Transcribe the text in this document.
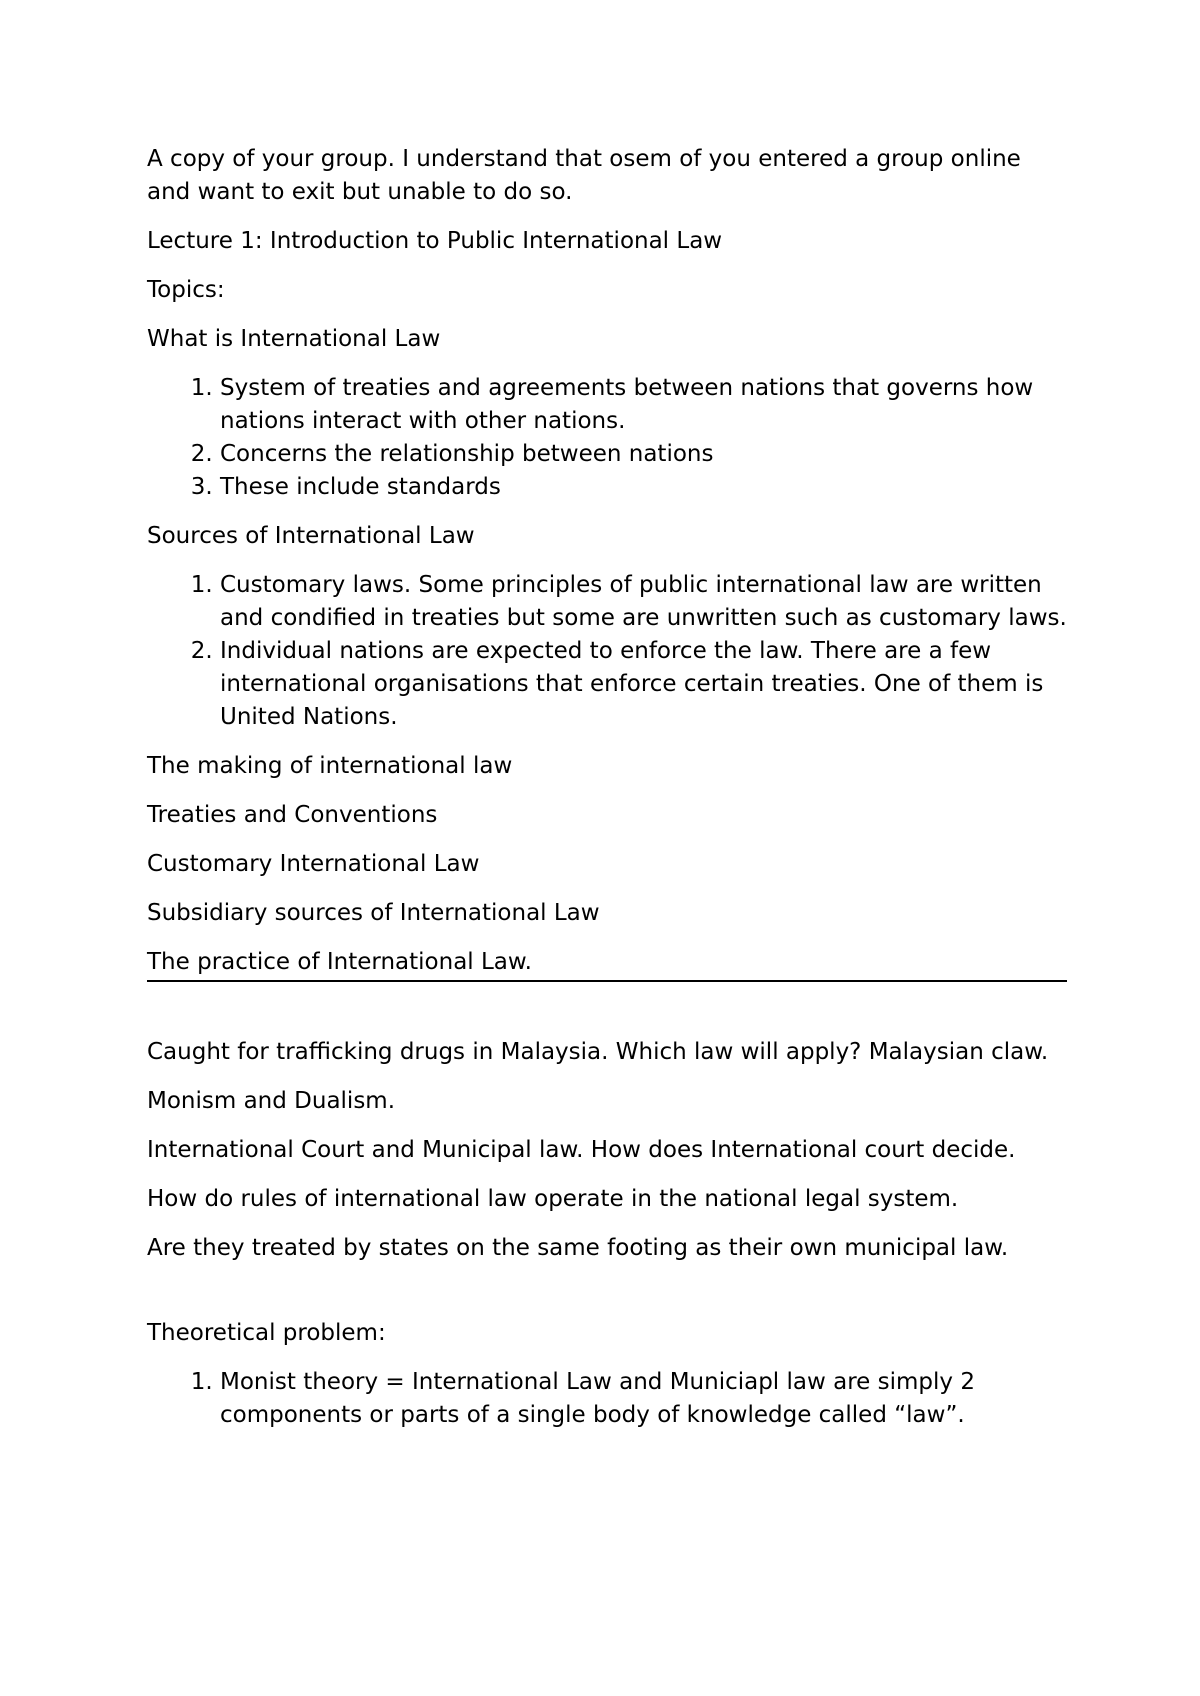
A copy of your group. I understand that osem of you entered a group online and want to exit but unable to do so.

Lecture 1: Introduction to Public International Law

Topics:

What is International Law

1. System of treaties and agreements between nations that governs how nations interact with other nations.
2. Concerns the relationship between nations
3. These include standards

Sources of International Law

1. Customary laws. Some principles of public international law are written and condified in treaties but some are unwritten such as customary laws.
2. Individual nations are expected to enforce the law. There are a few international organisations that enforce certain treaties. One of them is United Nations.

The making of international law

Treaties and Conventions

Customary International Law

Subsidiary sources of International Law

The practice of International Law.

Caught for trafficking drugs in Malaysia. Which law will apply? Malaysian claw.

Monism and Dualism.

International Court and Municipal law. How does International court decide.

How do rules of international law operate in the national legal system.

Are they treated by states on the same footing as their own municipal law.

Theoretical problem:

1. Monist theory = International Law and Municiapl law are simply 2 components or parts of a single body of knowledge called “law”.
